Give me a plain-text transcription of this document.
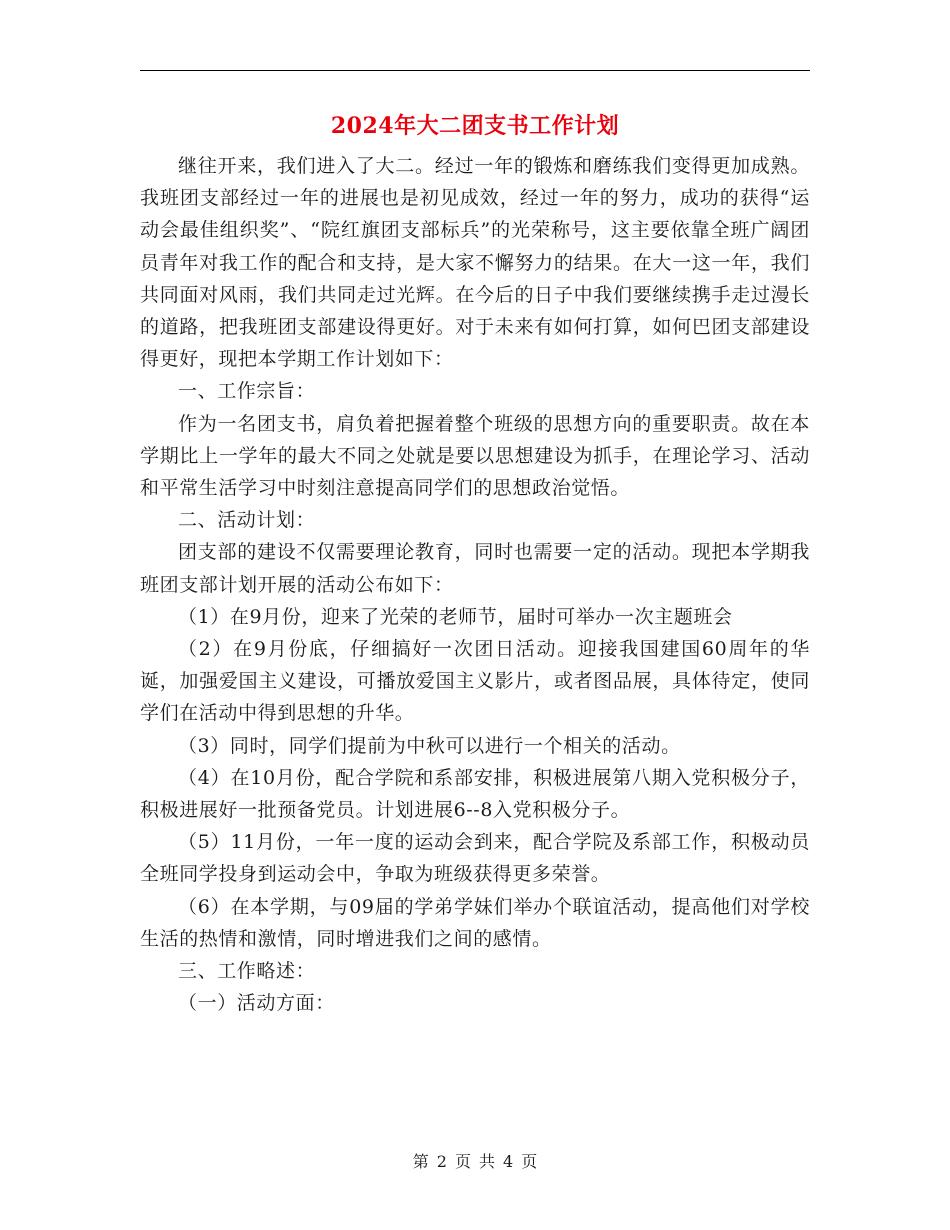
2024年大二团支书工作计划

继往开来，我们进入了大二。经过一年的锻炼和磨练我们变得更加成熟。我班团支部经过一年的进展也是初见成效，经过一年的努力，成功的获得“运动会最佳组织奖”、“院红旗团支部标兵”的光荣称号，这主要依靠全班广阔团员青年对我工作的配合和支持，是大家不懈努力的结果。在大一这一年，我们共同面对风雨，我们共同走过光辉。在今后的日子中我们要继续携手走过漫长的道路，把我班团支部建设得更好。对于未来有如何打算，如何巴团支部建设得更好，现把本学期工作计划如下：

一、工作宗旨：

作为一名团支书，肩负着把握着整个班级的思想方向的重要职责。故在本学期比上一学年的最大不同之处就是要以思想建设为抓手，在理论学习、活动和平常生活学习中时刻注意提高同学们的思想政治觉悟。

二、活动计划：

团支部的建设不仅需要理论教育，同时也需要一定的活动。现把本学期我班团支部计划开展的活动公布如下：

（1）在9月份，迎来了光荣的老师节，届时可举办一次主题班会

（2）在9月份底，仔细搞好一次团日活动。迎接我国建国60周年的华诞，加强爱国主义建设，可播放爱国主义影片，或者图品展，具体待定，使同学们在活动中得到思想的升华。

（3）同时，同学们提前为中秋可以进行一个相关的活动。

（4）在10月份，配合学院和系部安排，积极进展第八期入党积极分子，积极进展好一批预备党员。计划进展6--8入党积极分子。

（5）11月份，一年一度的运动会到来，配合学院及系部工作，积极动员全班同学投身到运动会中，争取为班级获得更多荣誉。

（6）在本学期，与09届的学弟学妹们举办个联谊活动，提高他们对学校生活的热情和激情，同时增进我们之间的感情。

三、工作略述：

（一）活动方面：

第 2 页 共 4 页
